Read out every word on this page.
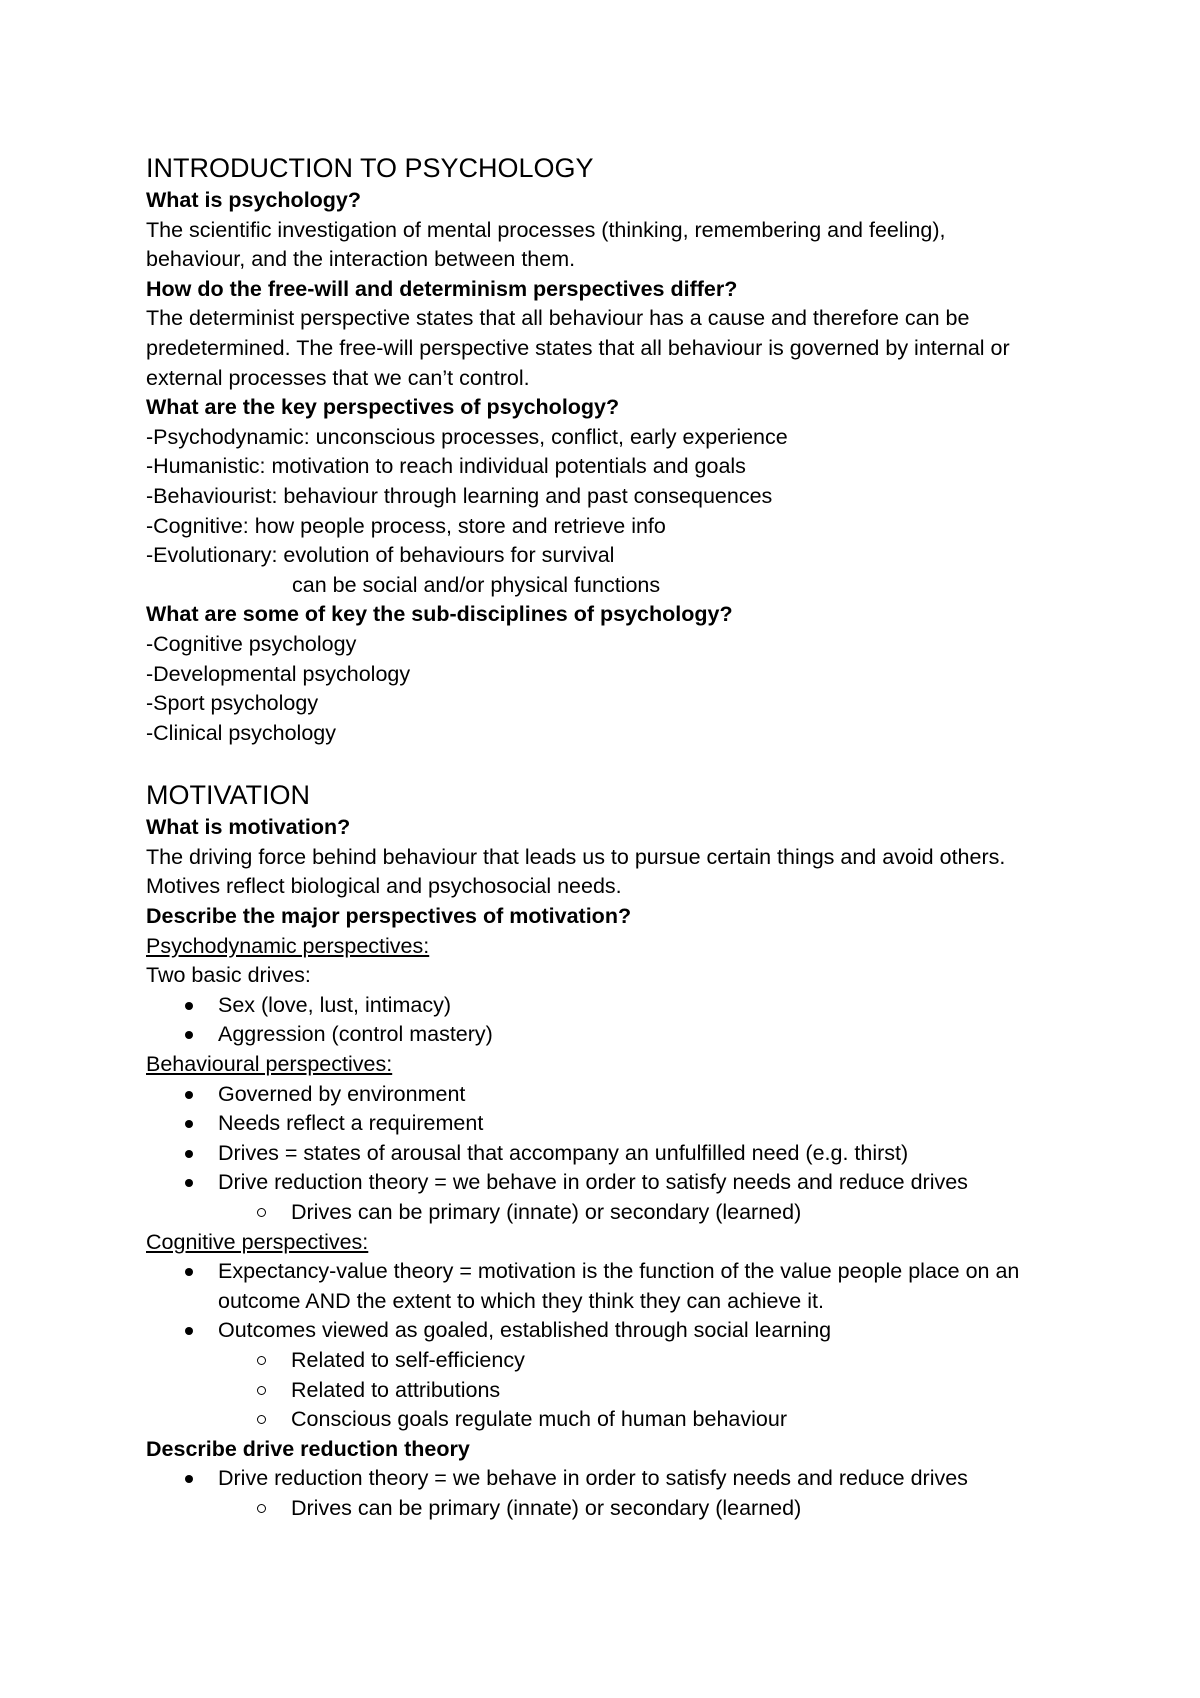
INTRODUCTION TO PSYCHOLOGY
What is psychology?
The scientific investigation of mental processes (thinking, remembering and feeling),
behaviour, and the interaction between them.
How do the free-will and determinism perspectives differ?
The determinist perspective states that all behaviour has a cause and therefore can be
predetermined. The free-will perspective states that all behaviour is governed by internal or
external processes that we can’t control.
What are the key perspectives of psychology?
-Psychodynamic: unconscious processes, conflict, early experience
-Humanistic: motivation to reach individual potentials and goals
-Behaviourist: behaviour through learning and past consequences
-Cognitive: how people process, store and retrieve info
-Evolutionary: evolution of behaviours for survival
can be social and/or physical functions
What are some of key the sub-disciplines of psychology?
-Cognitive psychology
-Developmental psychology
-Sport psychology
-Clinical psychology
MOTIVATION
What is motivation?
The driving force behind behaviour that leads us to pursue certain things and avoid others.
Motives reflect biological and psychosocial needs.
Describe the major perspectives of motivation?
Psychodynamic perspectives:
Two basic drives:
Sex (love, lust, intimacy)
Aggression (control mastery)
Behavioural perspectives:
Governed by environment
Needs reflect a requirement
Drives = states of arousal that accompany an unfulfilled need (e.g. thirst)
Drive reduction theory = we behave in order to satisfy needs and reduce drives
Drives can be primary (innate) or secondary (learned)
Cognitive perspectives:
Expectancy-value theory = motivation is the function of the value people place on an
outcome AND the extent to which they think they can achieve it.
Outcomes viewed as goaled, established through social learning
Related to self-efficiency
Related to attributions
Conscious goals regulate much of human behaviour
Describe drive reduction theory
Drive reduction theory = we behave in order to satisfy needs and reduce drives
Drives can be primary (innate) or secondary (learned)
